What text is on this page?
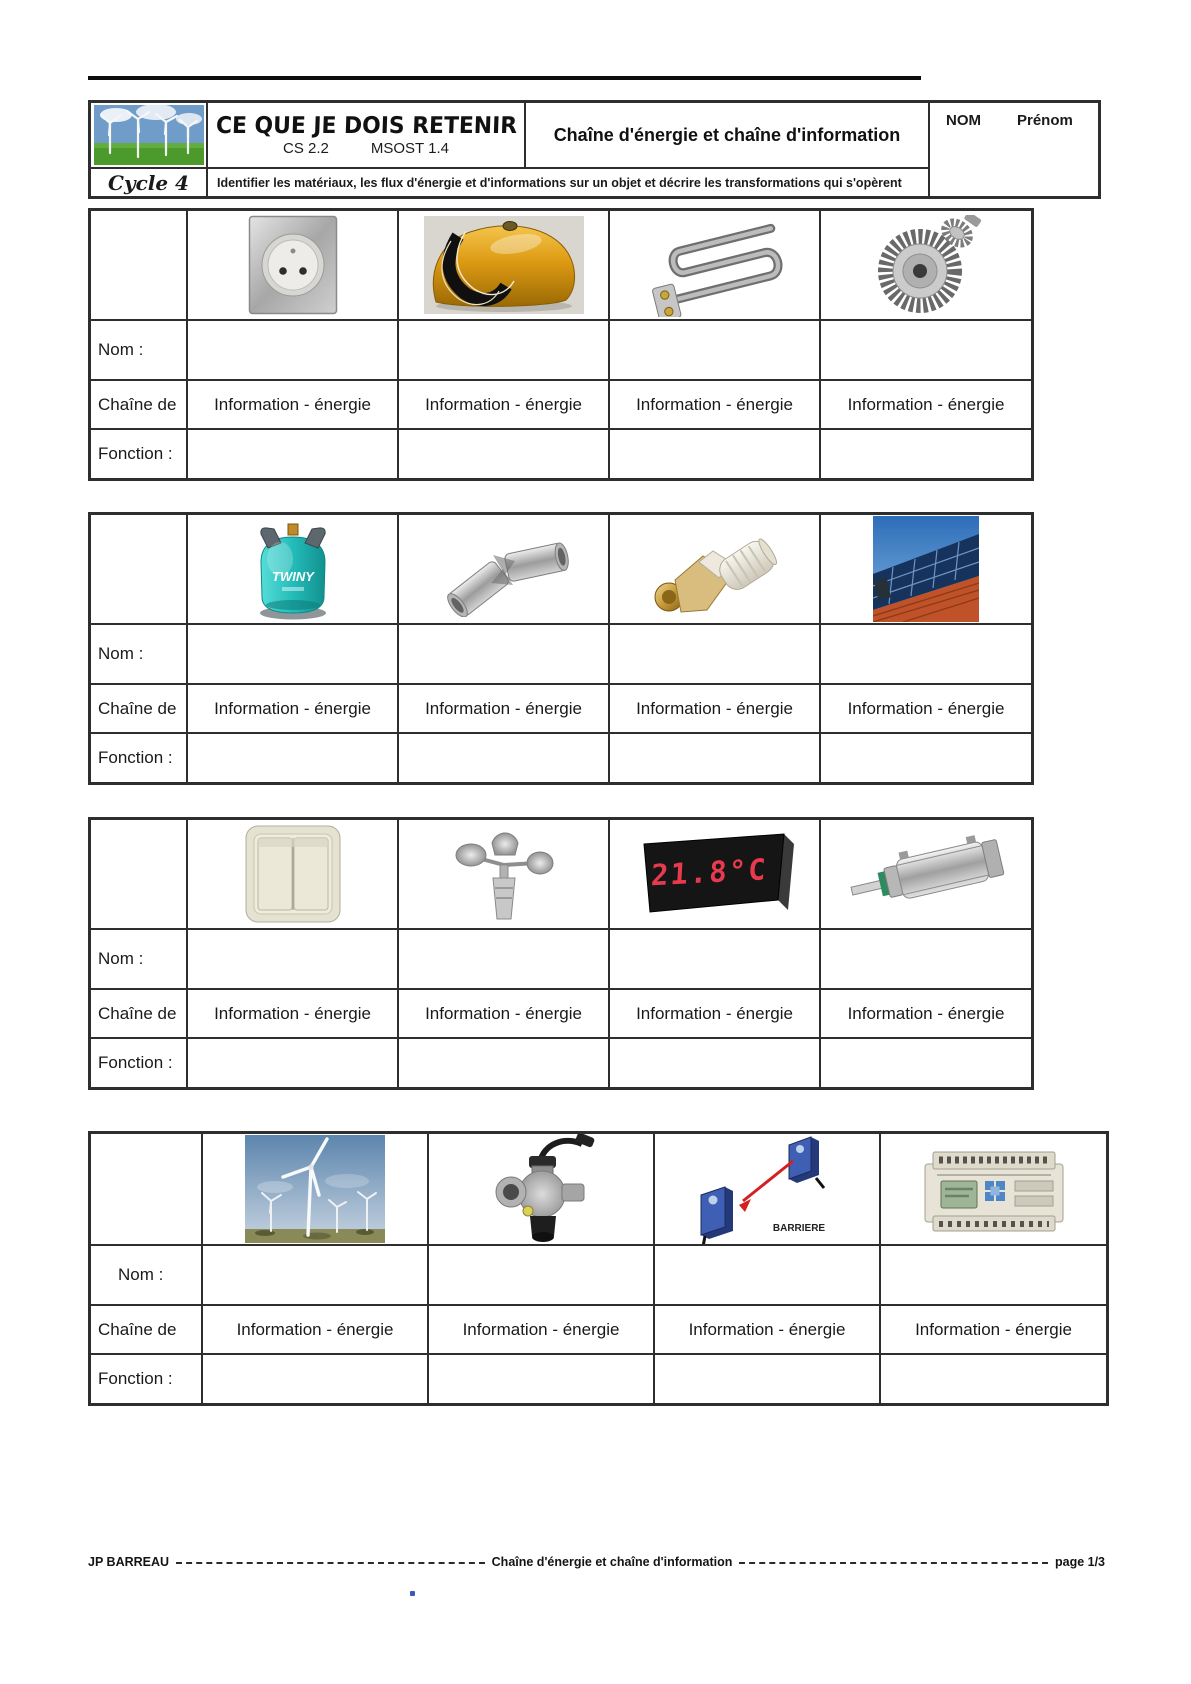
CE QUE JE DOIS RETENIR
CS 2.2	MSOST 1.4
Chaîne d'énergie et chaîne d'information
NOM Prénom
Cycle 4	Identifier les matériaux, les flux d'énergie et d'informations sur un objet et décrire les transformations qui s'opèrent
Nom :
Chaîne de	Information - énergie	Information - énergie	Information - énergie	Information - énergie
Fonction :
TWINY
Nom :
Chaîne de	Information - énergie	Information - énergie	Information - énergie	Information - énergie
Fonction :
21.8°C
Nom :
Chaîne de	Information - énergie	Information - énergie	Information - énergie	Information - énergie
Fonction :
BARRIERE
Nom :
Chaîne de	Information - énergie	Information - énergie	Information - énergie	Information - énergie
Fonction :
JP BARREAU	Chaîne d'énergie et chaîne d'information	page 1/3
